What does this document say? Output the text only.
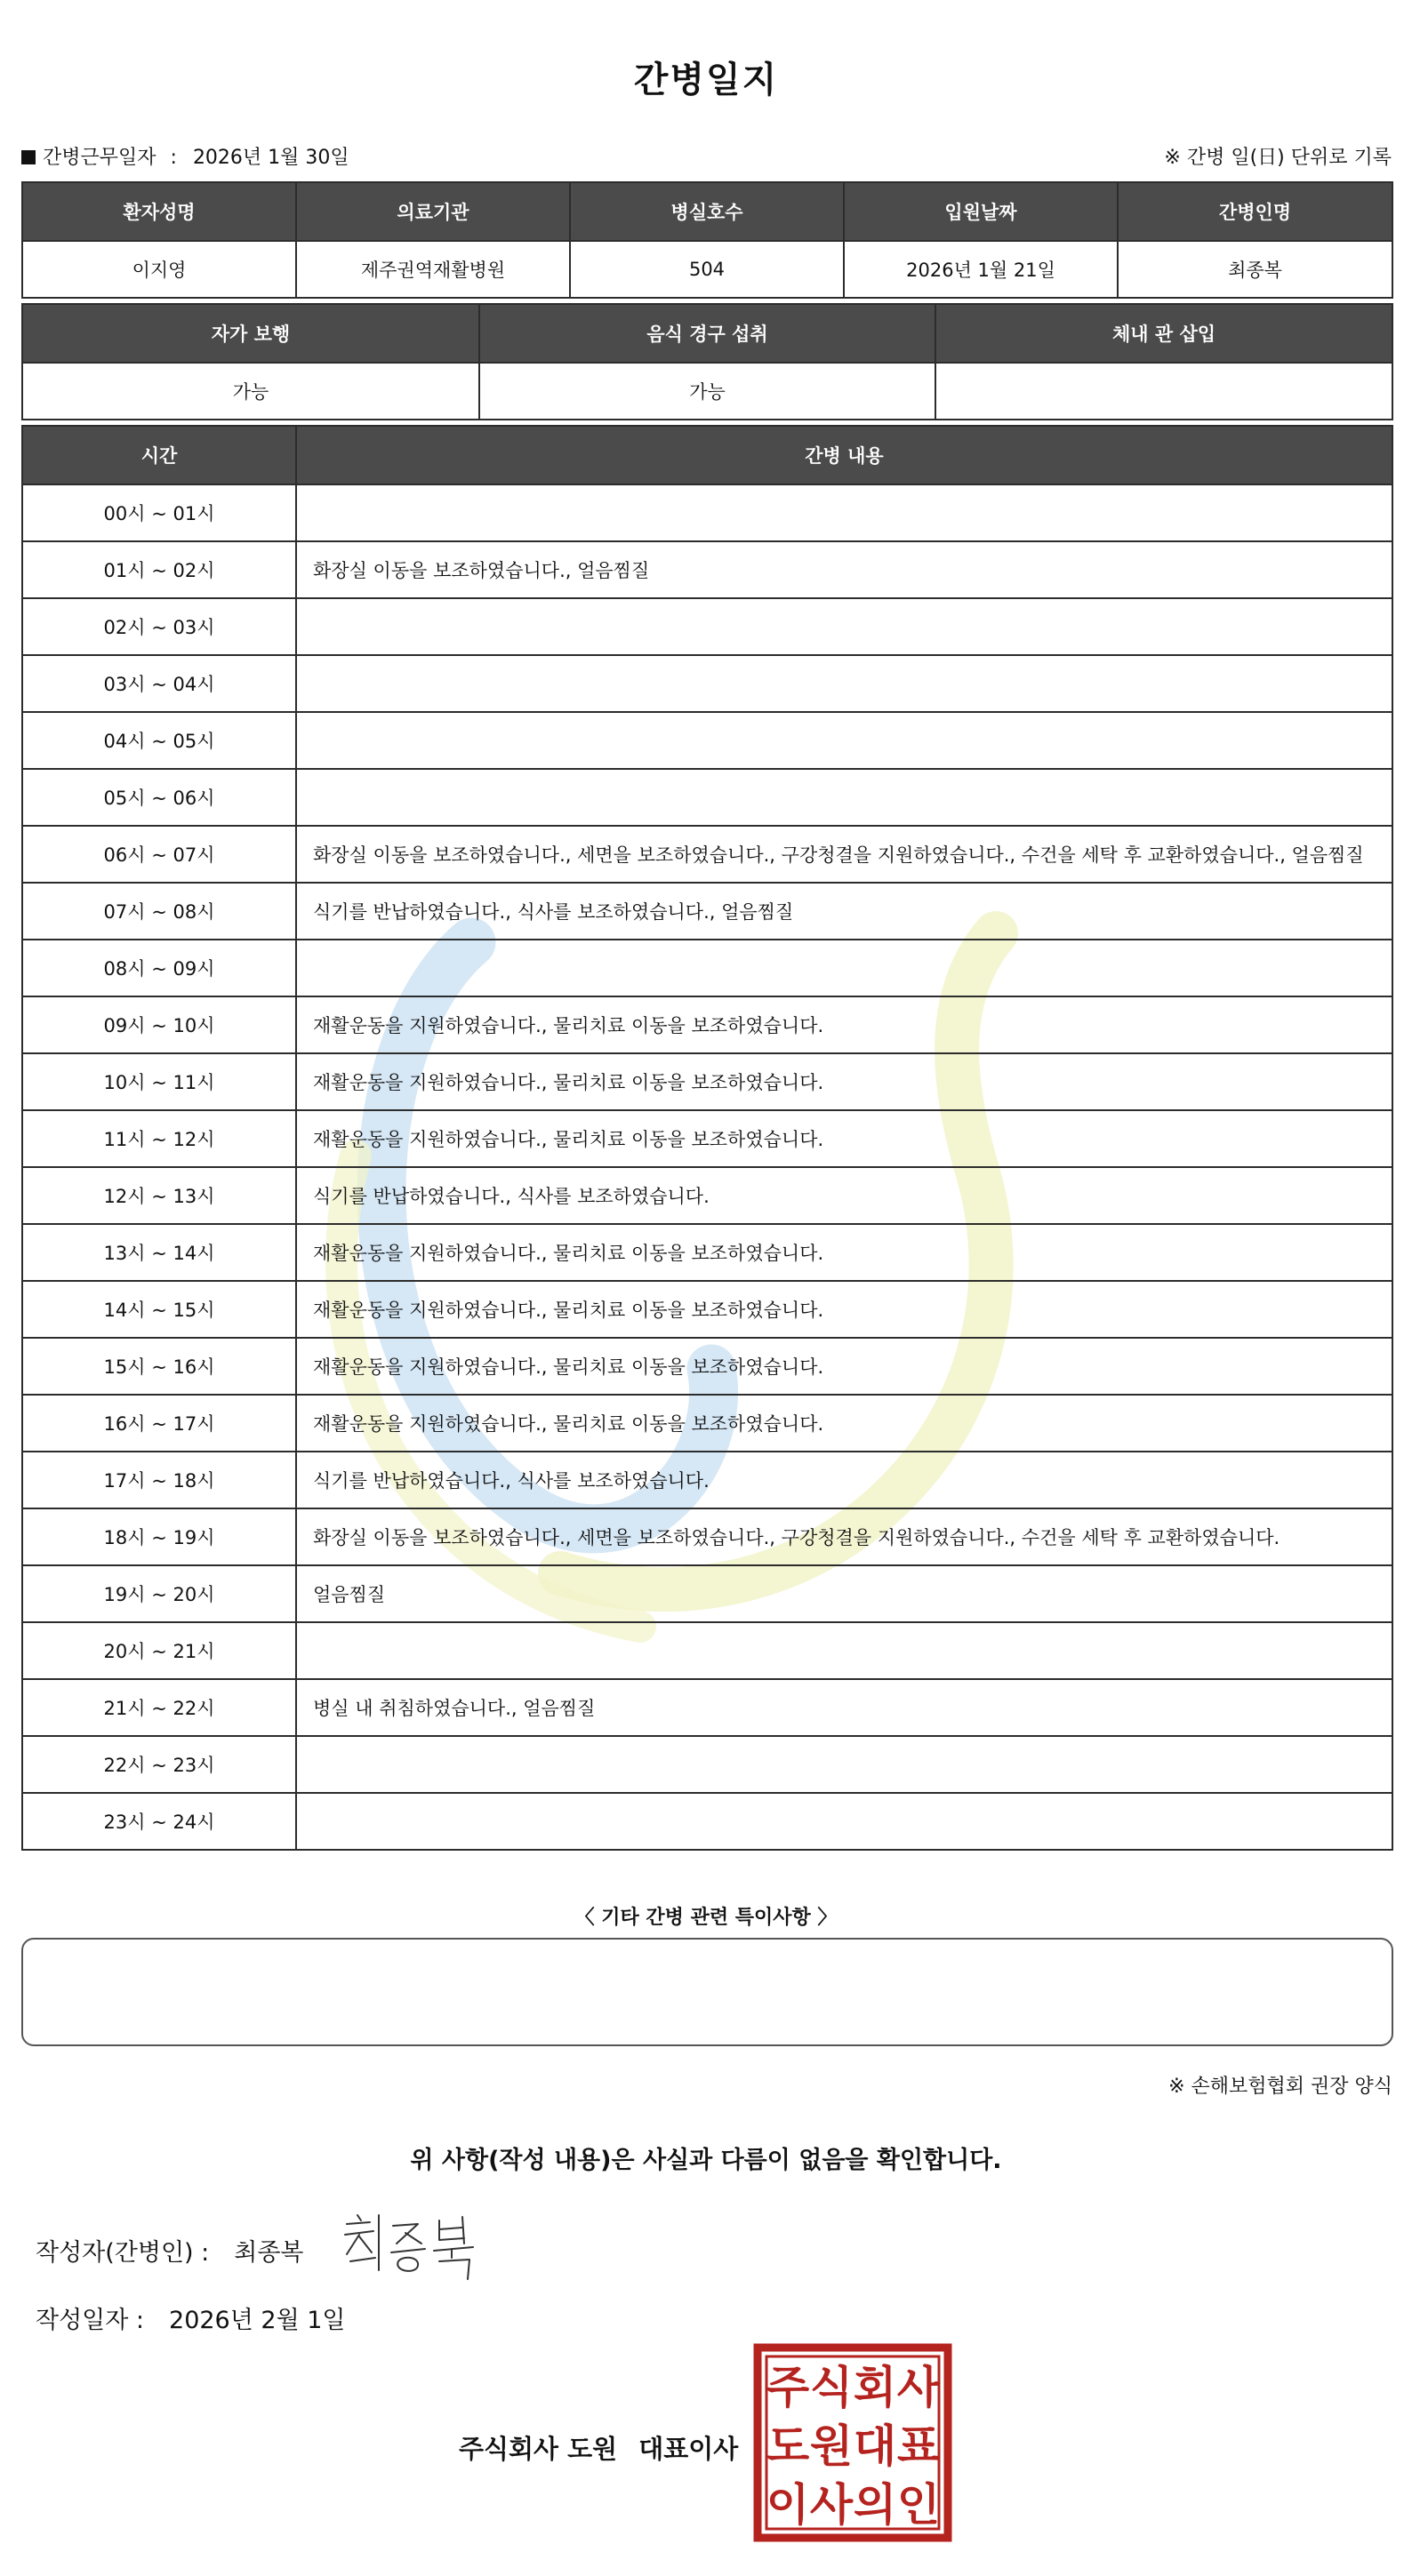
간병일지
간병근무일자 : 2026년 1월 30일	※ 간병 일(日) 단위로 기록
환자성명	의료기관	병실호수	입원날짜	간병인명
이지영	제주권역재활병원	504	2026년 1월 21일	최종복
자가 보행	음식 경구 섭취	체내 관 삽입
가능	가능	
시간	간병 내용
00시 ~ 01시	
01시 ~ 02시	화장실 이동을 보조하였습니다., 얼음찜질
02시 ~ 03시	
03시 ~ 04시	
04시 ~ 05시	
05시 ~ 06시	
06시 ~ 07시	화장실 이동을 보조하였습니다., 세면을 보조하였습니다., 구강청결을 지원하였습니다., 수건을 세탁 후 교환하였습니다., 얼음찜질
07시 ~ 08시	식기를 반납하였습니다., 식사를 보조하였습니다., 얼음찜질
08시 ~ 09시	
09시 ~ 10시	재활운동을 지원하였습니다., 물리치료 이동을 보조하였습니다.
10시 ~ 11시	재활운동을 지원하였습니다., 물리치료 이동을 보조하였습니다.
11시 ~ 12시	재활운동을 지원하였습니다., 물리치료 이동을 보조하였습니다.
12시 ~ 13시	식기를 반납하였습니다., 식사를 보조하였습니다.
13시 ~ 14시	재활운동을 지원하였습니다., 물리치료 이동을 보조하였습니다.
14시 ~ 15시	재활운동을 지원하였습니다., 물리치료 이동을 보조하였습니다.
15시 ~ 16시	재활운동을 지원하였습니다., 물리치료 이동을 보조하였습니다.
16시 ~ 17시	재활운동을 지원하였습니다., 물리치료 이동을 보조하였습니다.
17시 ~ 18시	식기를 반납하였습니다., 식사를 보조하였습니다.
18시 ~ 19시	화장실 이동을 보조하였습니다., 세면을 보조하였습니다., 구강청결을 지원하였습니다., 수건을 세탁 후 교환하였습니다.
19시 ~ 20시	얼음찜질
20시 ~ 21시	
21시 ~ 22시	병실 내 취침하였습니다., 얼음찜질
22시 ~ 23시	
23시 ~ 24시	
〈 기타 간병 관련 특이사항 〉
※ 손해보험협회 권장 양식
위 사항(작성 내용)은 사실과 다름이 없음을 확인합니다.
작성자(간병인) : 최종복
작성일자 : 2026년 2월 1일
주식회사 도원 대표이사
주 식 회 사
도 원 대 표
이 사 의 인
